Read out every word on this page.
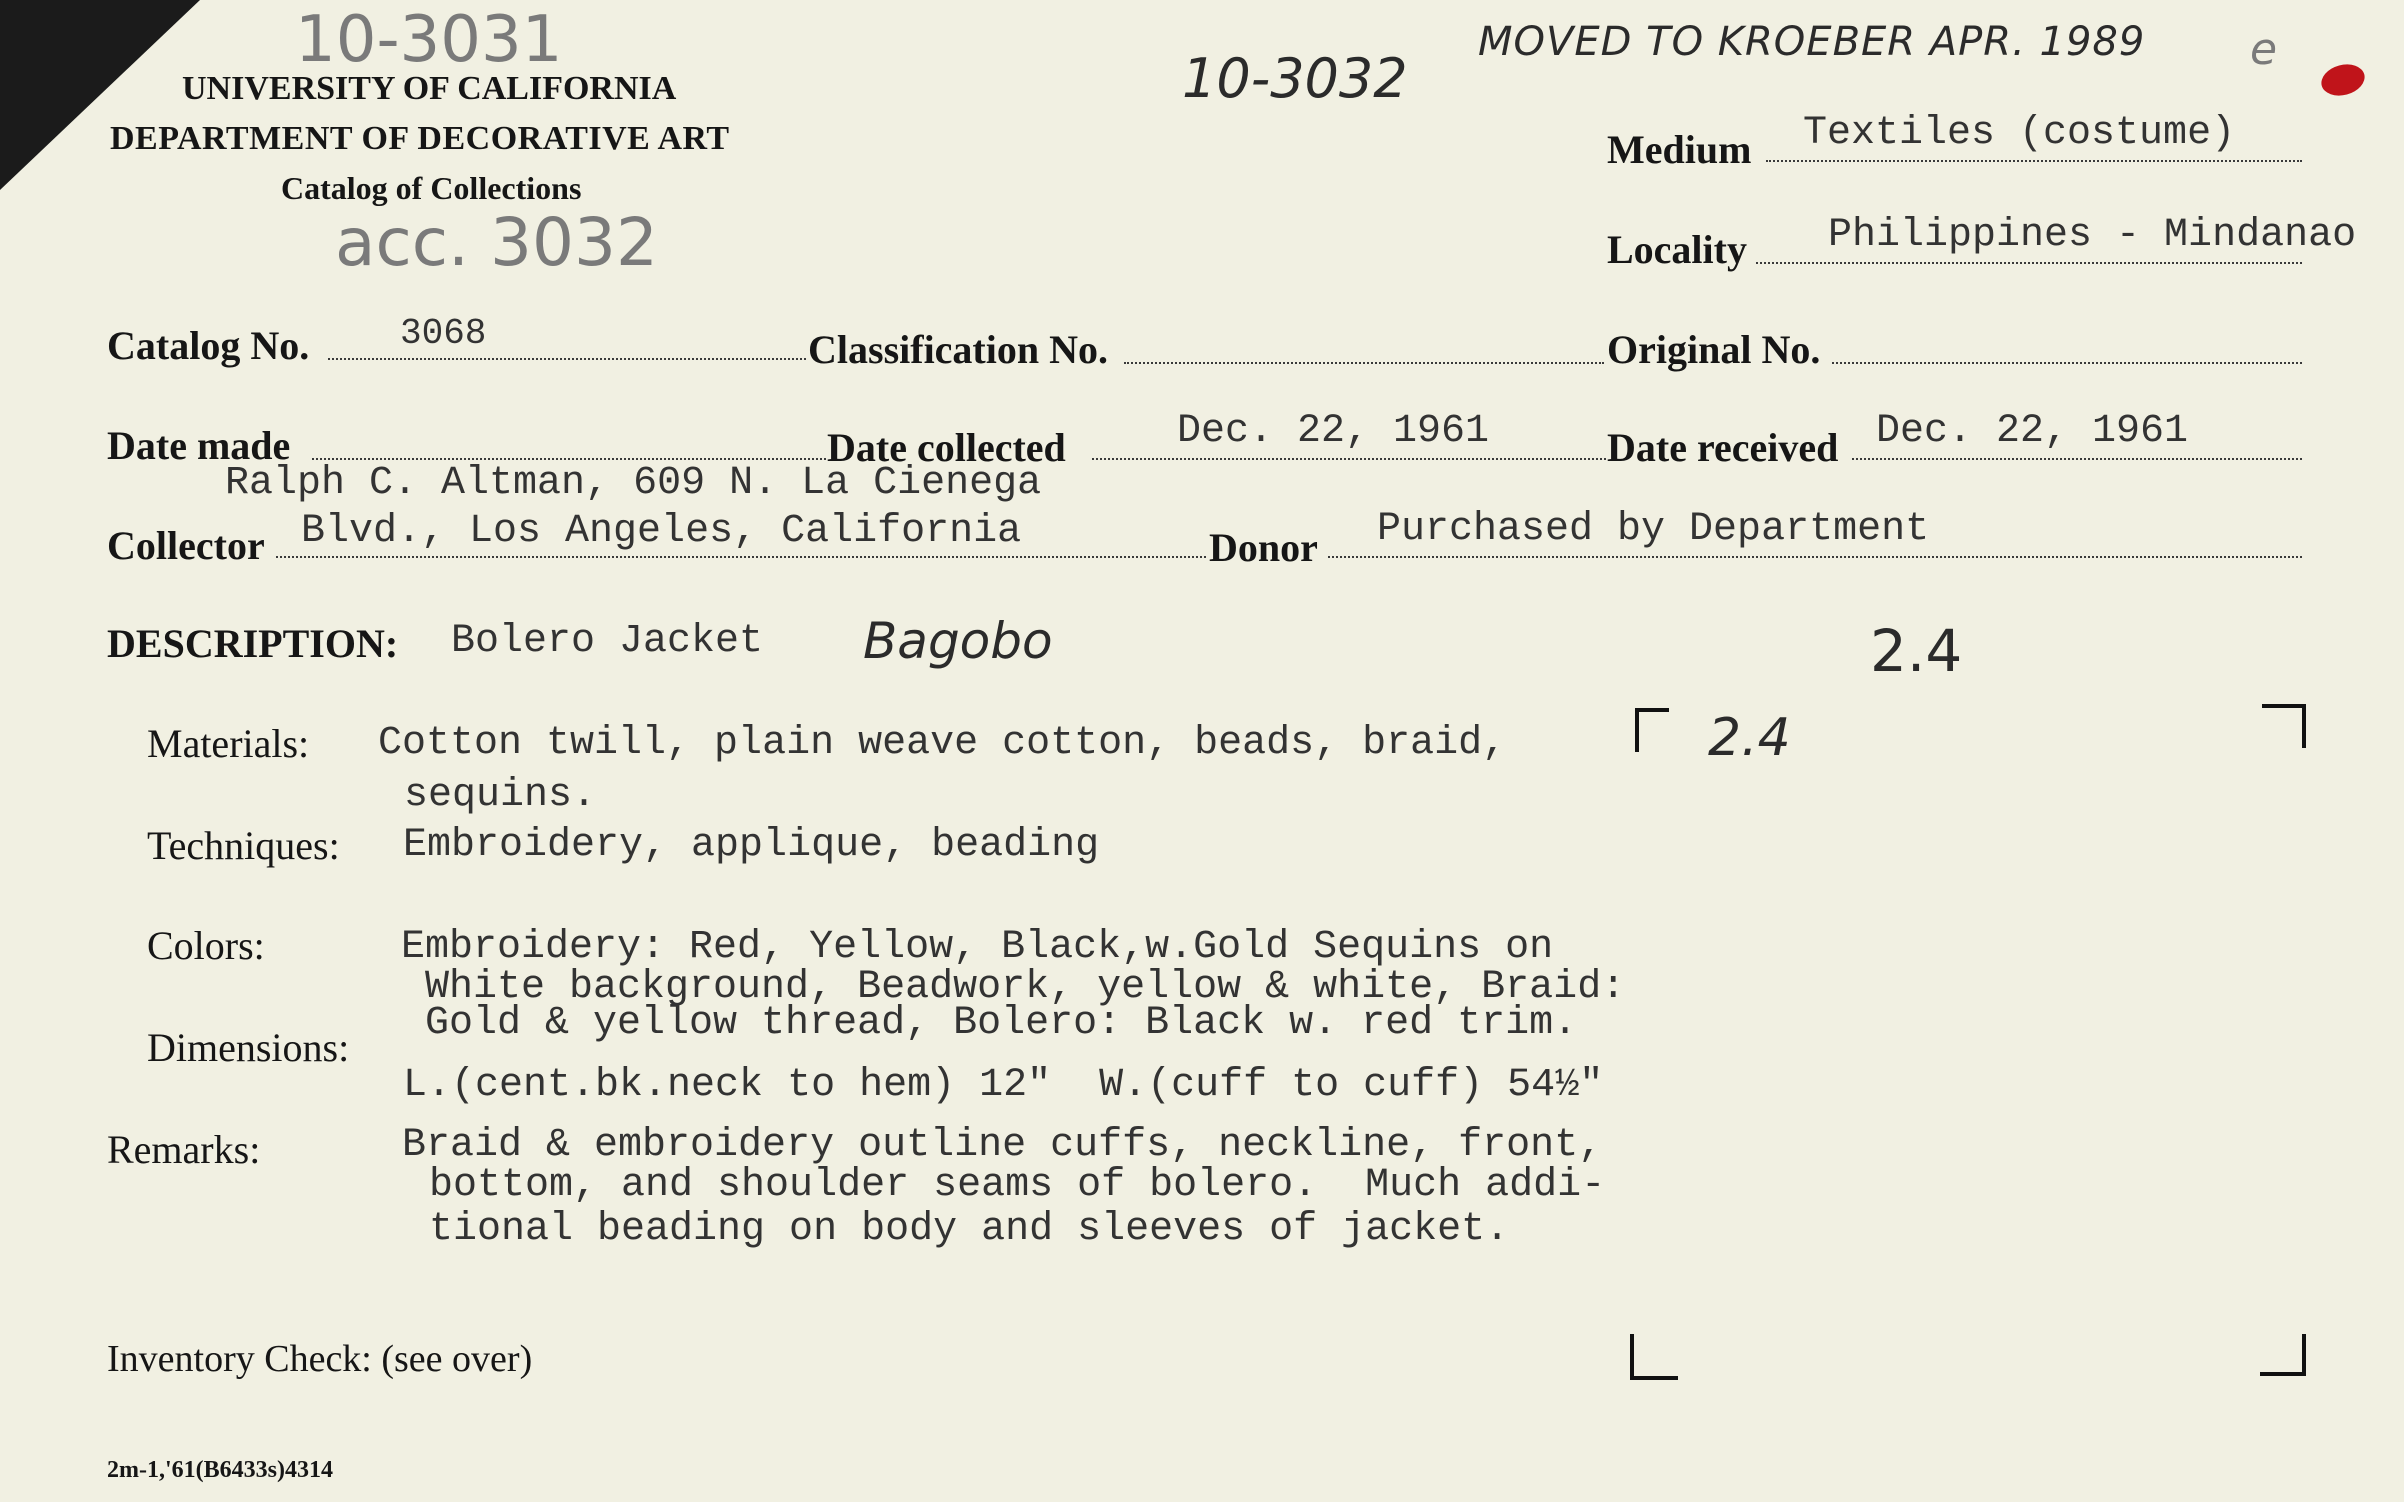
10-3031
acc. 3032
10-3032
MOVED TO KROEBER APR. 1989 e
UNIVERSITY OF CALIFORNIA
DEPARTMENT OF DECORATIVE ART
Catalog of Collections
Medium Textiles (costume)
Locality Philippines - Mindanao
Catalog No.	3068	Classification No.	Original No.
Date made	Date collected	Dec. 22, 1961	Date received Dec. 22, 1961
Ralph C. Altman, 609 N. La Cienega
Collector Blvd., Los Angeles, California	Donor Purchased by Department
DESCRIPTION: Bolero Jacket Bagobo	2.4
Materials: Cotton twill, plain weave cotton, beads, braid,
sequins.
2.4
Techniques: Embroidery, applique, beading
Colors:	Embroidery: Red, Yellow, Black,w.Gold Sequins on
White background, Beadwork, yellow & white, Braid:
Gold & yellow thread, Bolero: Black w. red trim.
Dimensions:
L.(cent.bk.neck to hem) 12"  W.(cuff to cuff) 54½"
Remarks:	Braid & embroidery outline cuffs, neckline, front,
bottom, and shoulder seams of bolero.  Much addi-
tional beading on body and sleeves of jacket.
Inventory Check: (see over)
2m-1,'61(B6433s)4314
